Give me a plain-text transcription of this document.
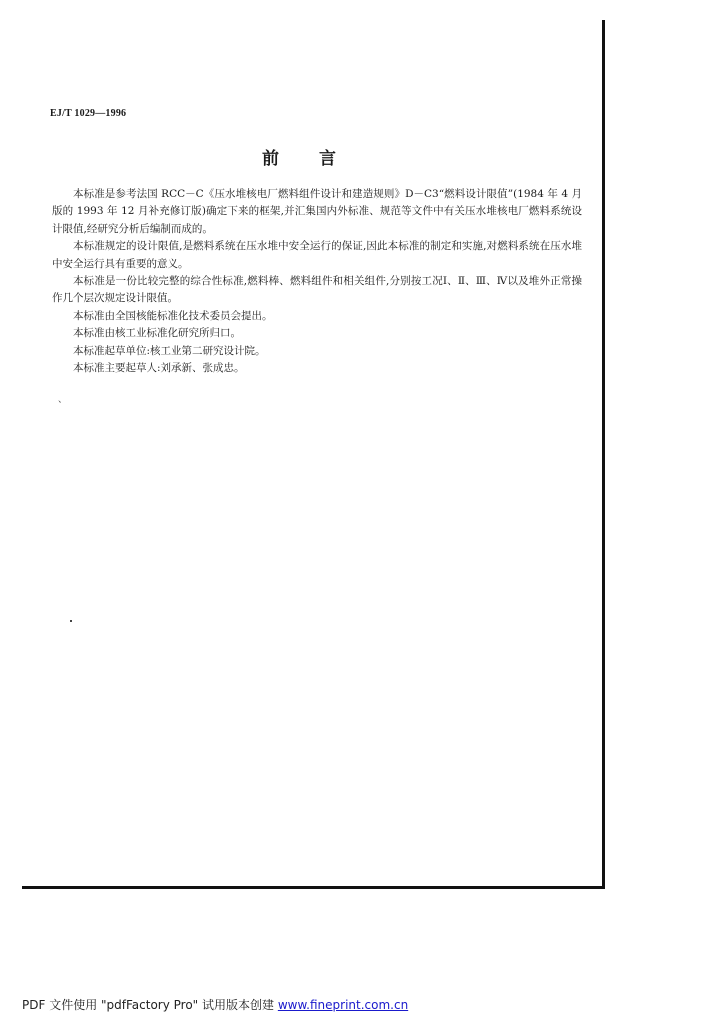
EJ/T 1029—1996
前　　言

本标准是参考法国 RCC－C《压水堆核电厂燃料组件设计和建造规则》D－C3“燃料设计限值”(1984 年 4 月版的 1993 年 12 月补充修订版)确定下来的框架,并汇集国内外标准、规范等文件中有关压水堆核电厂燃料系统设计限值,经研究分析后编制而成的。

本标准规定的设计限值,是燃料系统在压水堆中安全运行的保证,因此本标准的制定和实施,对燃料系统在压水堆中安全运行具有重要的意义。

本标准是一份比较完整的综合性标准,燃料棒、燃料组件和相关组件,分别按工况Ⅰ、Ⅱ、Ⅲ、Ⅳ以及堆外正常操作几个层次规定设计限值。

本标准由全国核能标准化技术委员会提出。

本标准由核工业标准化研究所归口。

本标准起草单位:核工业第二研究设计院。

本标准主要起草人:刘承新、张成忠。

、
PDF 文件使用 "pdfFactory Pro" 试用版本创建 www.fineprint.com.cn
